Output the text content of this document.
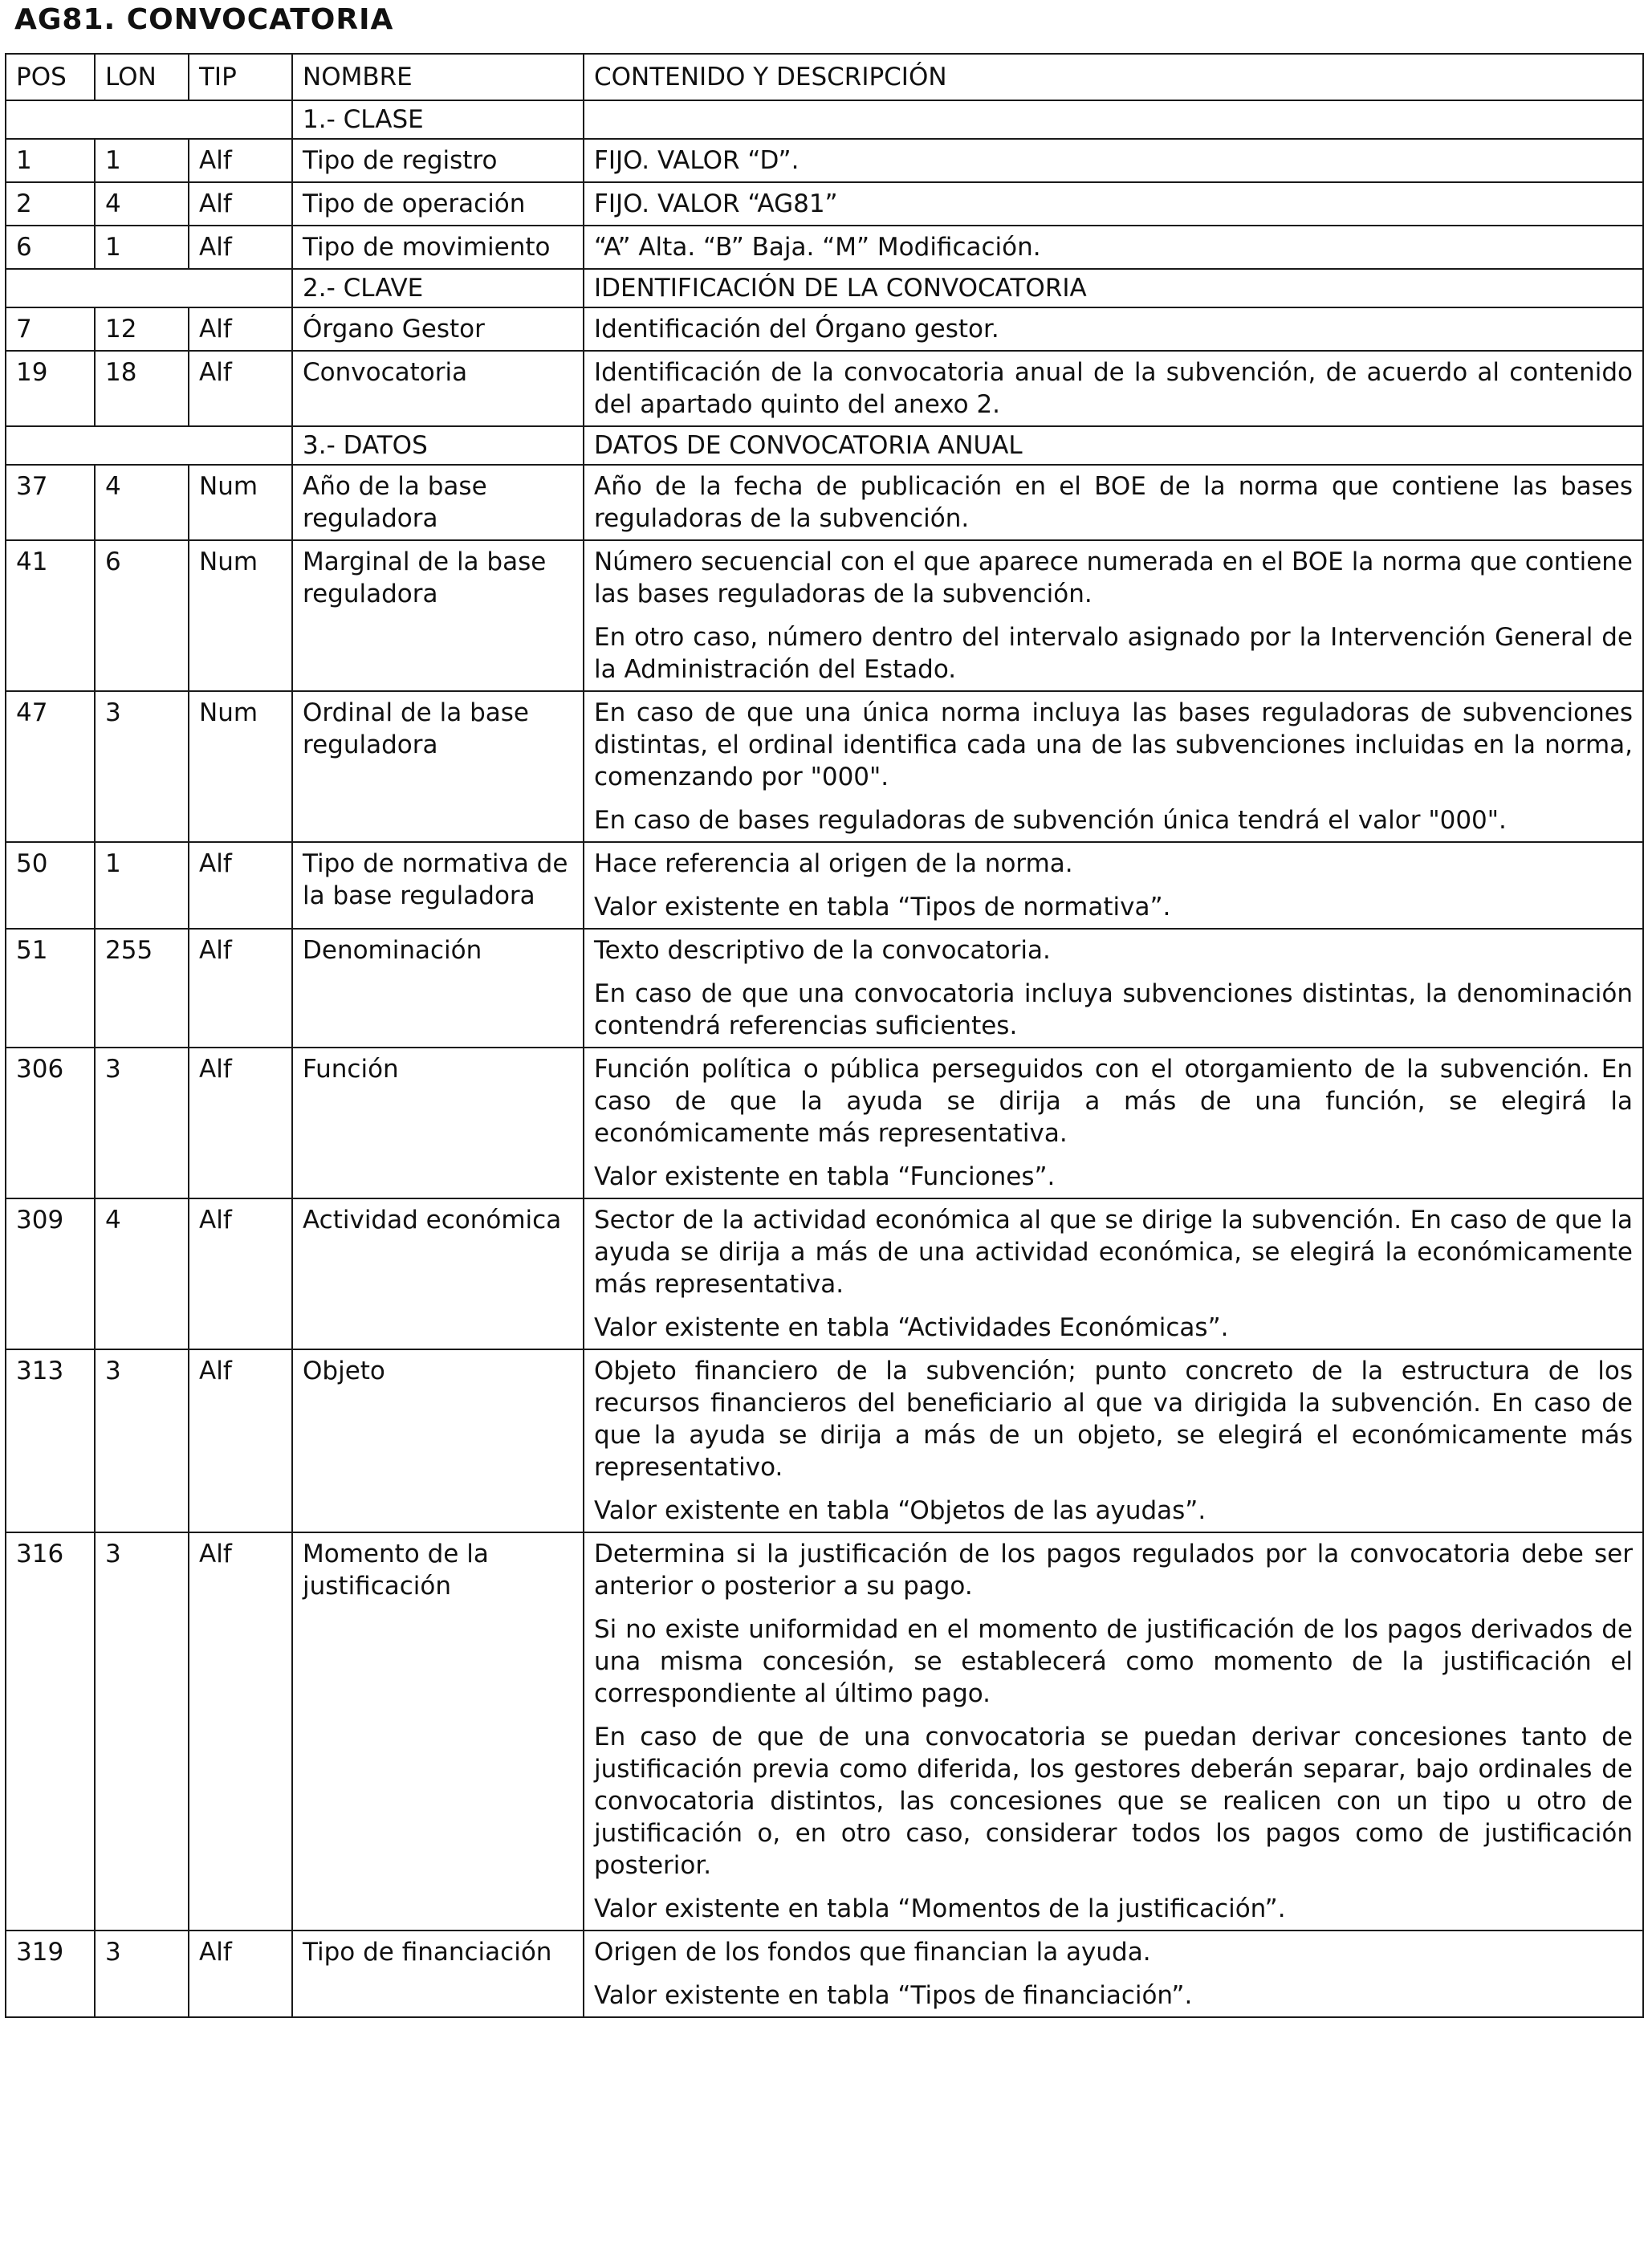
AG81. CONVOCATORIA
POS	LON	TIP	NOMBRE	CONTENIDO Y DESCRIPCIÓN
			1.- CLASE	
1	1	Alf	Tipo de registro	FIJO. VALOR “D”.

2	4	Alf	Tipo de operación	FIJO. VALOR “AG81”

6	1	Alf	Tipo de movimiento	“A” Alta. “B” Baja. “M” Modificación.

			2.- CLAVE	IDENTIFICACIÓN DE LA CONVOCATORIA

7	12	Alf	Órgano Gestor	Identificación del Órgano gestor.

19	18	Alf	Convocatoria	Identificación de la convocatoria anual de la subvención, de acuerdo al contenido del apartado quinto del anexo 2.

			3.- DATOS	DATOS DE CONVOCATORIA ANUAL

37	4	Num	Año de la base reguladora	Año de la fecha de publicación en el BOE de la norma que contiene las bases reguladoras de la subvención.

41	6	Num	Marginal de la base reguladora	Número secuencial con el que aparece numerada en el BOE la norma que contiene las bases reguladoras de la subvención.

En otro caso, número dentro del intervalo asignado por la Intervención General de la Administración del Estado.

47	3	Num	Ordinal de la base reguladora	En caso de que una única norma incluya las bases reguladoras de subvenciones distintas, el ordinal identifica cada una de las subvenciones incluidas en la norma, comenzando por "000".

En caso de bases reguladoras de subvención única tendrá el valor "000".

50	1	Alf	Tipo de normativa de la base reguladora	Hace referencia al origen de la norma.

Valor existente en tabla “Tipos de normativa”.

51	255	Alf	Denominación	Texto descriptivo de la convocatoria.

En caso de que una convocatoria incluya subvenciones distintas, la denominación contendrá referencias suficientes.

306	3	Alf	Función	Función política o pública perseguidos con el otorgamiento de la subvención. En caso de que la ayuda se dirija a más de una función, se elegirá la económicamente más representativa.

Valor existente en tabla “Funciones”.

309	4	Alf	Actividad económica	Sector de la actividad económica al que se dirige la subvención. En caso de que la ayuda se dirija a más de una actividad económica, se elegirá la económicamente más representativa.

Valor existente en tabla “Actividades Económicas”.

313	3	Alf	Objeto	Objeto financiero de la subvención; punto concreto de la estructura de los recursos financieros del beneficiario al que va dirigida la subvención. En caso de que la ayuda se dirija a más de un objeto, se elegirá el económicamente más representativo.

Valor existente en tabla “Objetos de las ayudas”.

316	3	Alf	Momento de la justificación	Determina si la justificación de los pagos regulados por la convocatoria debe ser anterior o posterior a su pago.

Si no existe uniformidad en el momento de justificación de los pagos derivados de una misma concesión, se establecerá como momento de la justificación el correspondiente al último pago.

En caso de que de una convocatoria se puedan derivar concesiones tanto de justificación previa como diferida, los gestores deberán separar, bajo ordinales de convocatoria distintos, las concesiones que se realicen con un tipo u otro de justificación o, en otro caso, considerar todos los pagos como de justificación posterior.

Valor existente en tabla “Momentos de la justificación”.

319	3	Alf	Tipo de financiación	Origen de los fondos que financian la ayuda.

Valor existente en tabla “Tipos de financiación”.
